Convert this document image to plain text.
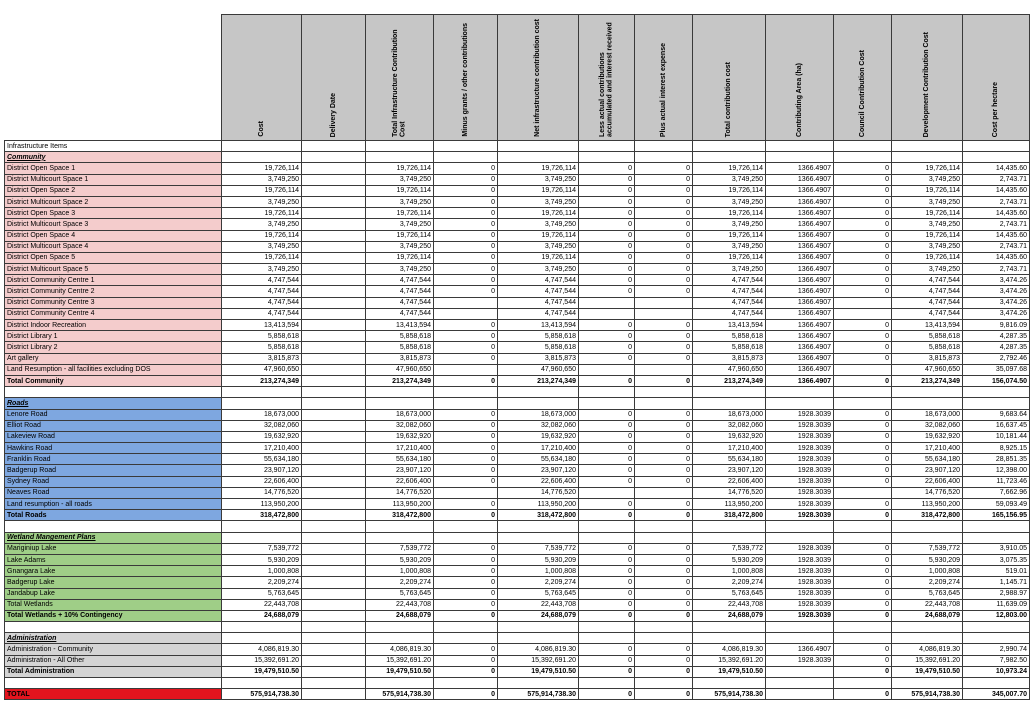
	Cost	Delivery Date	Total Infrastructure Contribution Cost	Minus grants / other contributions	Net infrastructure contribution cost	Less actual contributions accumulated and interest received	Plus actual interest expense	Total contribution cost	Contributing Area (ha)	Council Contribution Cost	Development Contribution Cost	Cost per hectare

Infrastructure Items												
Community												
District Open Space 1	19,726,114		19,726,114	0	19,726,114	0	0	19,726,114	1366.4907	0	19,726,114	14,435.60
District Multicourt Space 1	3,749,250		3,749,250	0	3,749,250	0	0	3,749,250	1366.4907	0	3,749,250	2,743.71
District Open Space 2	19,726,114		19,726,114	0	19,726,114	0	0	19,726,114	1366.4907	0	19,726,114	14,435.60
District Multicourt Space 2	3,749,250		3,749,250	0	3,749,250	0	0	3,749,250	1366.4907	0	3,749,250	2,743.71
District Open Space 3	19,726,114		19,726,114	0	19,726,114	0	0	19,726,114	1366.4907	0	19,726,114	14,435.60
District Multicourt Space 3	3,749,250		3,749,250	0	3,749,250	0	0	3,749,250	1366.4907	0	3,749,250	2,743.71
District Open Space 4	19,726,114		19,726,114	0	19,726,114	0	0	19,726,114	1366.4907	0	19,726,114	14,435.60
District Multicourt Space 4	3,749,250		3,749,250	0	3,749,250	0	0	3,749,250	1366.4907	0	3,749,250	2,743.71
District Open Space 5	19,726,114		19,726,114	0	19,726,114	0	0	19,726,114	1366.4907	0	19,726,114	14,435.60
District Multicourt Space 5	3,749,250		3,749,250	0	3,749,250	0	0	3,749,250	1366.4907	0	3,749,250	2,743.71
District Community Centre 1	4,747,544		4,747,544	0	4,747,544	0	0	4,747,544	1366.4907	0	4,747,544	3,474.26
District Community Centre 2	4,747,544		4,747,544	0	4,747,544	0	0	4,747,544	1366.4907	0	4,747,544	3,474.26
District Community Centre 3	4,747,544		4,747,544		4,747,544			4,747,544	1366.4907		4,747,544	3,474.26
District Community Centre 4	4,747,544		4,747,544		4,747,544			4,747,544	1366.4907		4,747,544	3,474.26
District Indoor Recreation	13,413,594		13,413,594	0	13,413,594	0	0	13,413,594	1366.4907	0	13,413,594	9,816.09
District Library 1	5,858,618		5,858,618	0	5,858,618	0	0	5,858,618	1366.4907	0	5,858,618	4,287.35
District Library 2	5,858,618		5,858,618	0	5,858,618	0	0	5,858,618	1366.4907	0	5,858,618	4,287.35
Art gallery	3,815,873		3,815,873	0	3,815,873	0	0	3,815,873	1366.4907	0	3,815,873	2,792.46
Land Resumption - all facilities excluding DOS	47,960,650		47,960,650		47,960,650			47,960,650	1366.4907		47,960,650	35,097.68
Total Community	213,274,349		213,274,349	0	213,274,349	0	0	213,274,349	1366.4907	0	213,274,349	156,074.50

Roads												
Lenore Road	18,673,000		18,673,000	0	18,673,000	0	0	18,673,000	1928.3039	0	18,673,000	9,683.64
Elliot Road	32,082,060		32,082,060	0	32,082,060	0	0	32,082,060	1928.3039	0	32,082,060	16,637.45
Lakeview Road	19,632,920		19,632,920	0	19,632,920	0	0	19,632,920	1928.3039	0	19,632,920	10,181.44
Hawkins Road	17,210,400		17,210,400	0	17,210,400	0	0	17,210,400	1928.3039	0	17,210,400	8,925.15
Franklin Road	55,634,180		55,634,180	0	55,634,180	0	0	55,634,180	1928.3039	0	55,634,180	28,851.35
Badgerup Road	23,907,120		23,907,120	0	23,907,120	0	0	23,907,120	1928.3039	0	23,907,120	12,398.00
Sydney Road	22,606,400		22,606,400	0	22,606,400	0	0	22,606,400	1928.3039	0	22,606,400	11,723.46
Neaves Road	14,776,520		14,776,520		14,776,520			14,776,520	1928.3039		14,776,520	7,662.96
Land resumption - all roads	113,950,200		113,950,200	0	113,950,200	0	0	113,950,200	1928.3039	0	113,950,200	59,093.49
Total Roads	318,472,800		318,472,800	0	318,472,800	0	0	318,472,800	1928.3039	0	318,472,800	165,156.95

Wetland Mangement Plans												
Mariginiup Lake	7,539,772		7,539,772	0	7,539,772	0	0	7,539,772	1928.3039	0	7,539,772	3,910.05
Lake Adams	5,930,209		5,930,209	0	5,930,209	0	0	5,930,209	1928.3039	0	5,930,209	3,075.35
Gnangara Lake	1,000,808		1,000,808	0	1,000,808	0	0	1,000,808	1928.3039	0	1,000,808	519.01
Badgerup Lake	2,209,274		2,209,274	0	2,209,274	0	0	2,209,274	1928.3039	0	2,209,274	1,145.71
Jandabup Lake	5,763,645		5,763,645	0	5,763,645	0	0	5,763,645	1928.3039	0	5,763,645	2,988.97
Total Wetlands	22,443,708		22,443,708	0	22,443,708	0	0	22,443,708	1928.3039	0	22,443,708	11,639.09
Total Wetlands + 10% Contingency	24,688,079		24,688,079	0	24,688,079	0	0	24,688,079	1928.3039	0	24,688,079	12,803.00

Administration												
Administration - Community	4,086,819.30		4,086,819.30	0	4,086,819.30	0	0	4,086,819.30	1366.4907	0	4,086,819.30	2,990.74
Administration - All Other	15,392,691.20		15,392,691.20	0	15,392,691.20	0	0	15,392,691.20	1928.3039	0	15,392,691.20	7,982.50
Total Administration	19,479,510.50		19,479,510.50	0	19,479,510.50	0	0	19,479,510.50		0	19,479,510.50	10,973.24

TOTAL	575,914,738.30		575,914,738.30	0	575,914,738.30	0	0	575,914,738.30		0	575,914,738.30	345,007.70
